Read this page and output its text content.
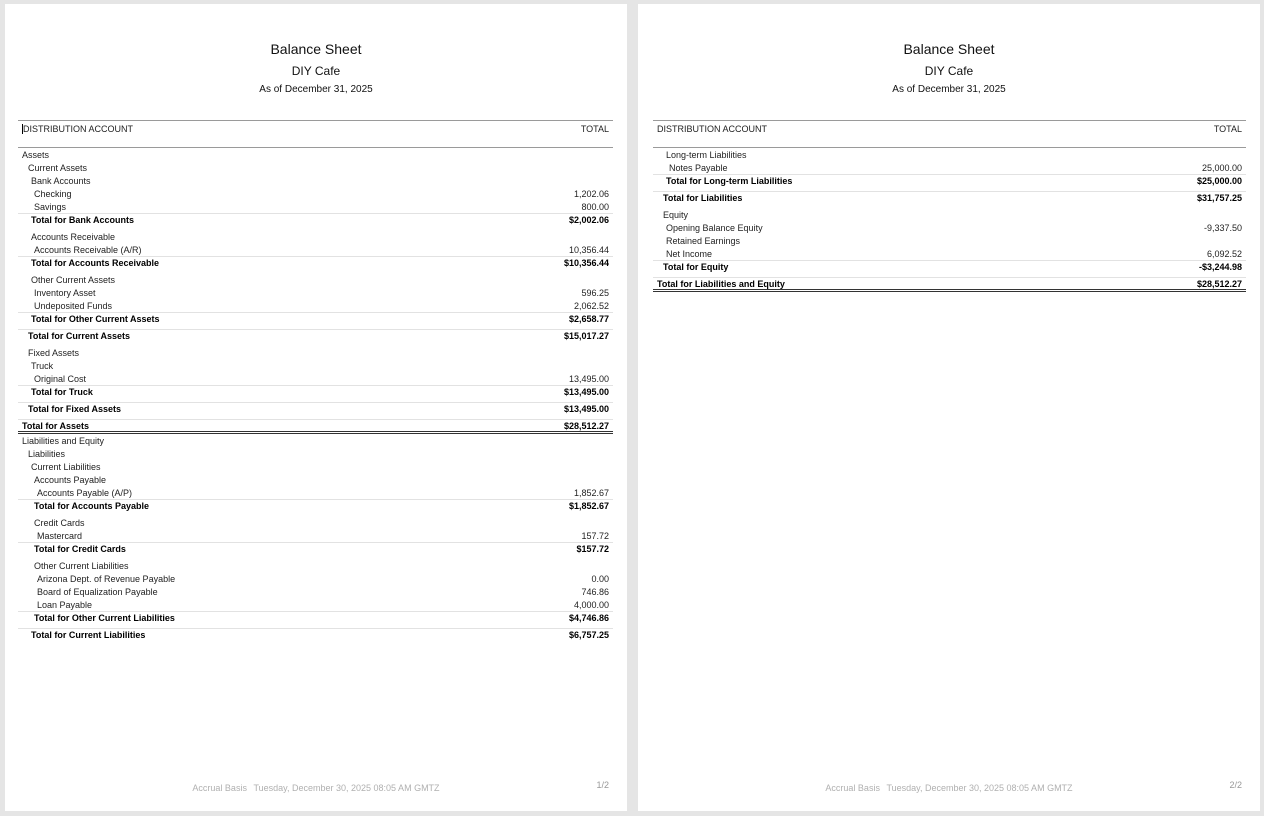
Balance Sheet
DIY Cafe
As of December 31, 2025
DISTRIBUTION ACCOUNT	TOTAL
Assets
Current Assets
Bank Accounts
Checking	1,202.06
Savings	800.00
Total for Bank Accounts	$2,002.06
Accounts Receivable
Accounts Receivable (A/R)	10,356.44
Total for Accounts Receivable	$10,356.44
Other Current Assets
Inventory Asset	596.25
Undeposited Funds	2,062.52
Total for Other Current Assets	$2,658.77
Total for Current Assets	$15,017.27
Fixed Assets
Truck
Original Cost	13,495.00
Total for Truck	$13,495.00
Total for Fixed Assets	$13,495.00
Total for Assets	$28,512.27
Liabilities and Equity
Liabilities
Current Liabilities
Accounts Payable
Accounts Payable (A/P)	1,852.67
Total for Accounts Payable	$1,852.67
Credit Cards
Mastercard	157.72
Total for Credit Cards	$157.72
Other Current Liabilities
Arizona Dept. of Revenue Payable	0.00
Board of Equalization Payable	746.86
Loan Payable	4,000.00
Total for Other Current Liabilities	$4,746.86
Total for Current Liabilities	$6,757.25
Accrual Basis Tuesday, December 30, 2025 08:05 AM GMTZ	1/2
Balance Sheet
DIY Cafe
As of December 31, 2025
DISTRIBUTION ACCOUNT	TOTAL
Long-term Liabilities
Notes Payable	25,000.00
Total for Long-term Liabilities	$25,000.00
Total for Liabilities	$31,757.25
Equity
Opening Balance Equity	-9,337.50
Retained Earnings
Net Income	6,092.52
Total for Equity	-$3,244.98
Total for Liabilities and Equity	$28,512.27
Accrual Basis Tuesday, December 30, 2025 08:05 AM GMTZ	2/2
